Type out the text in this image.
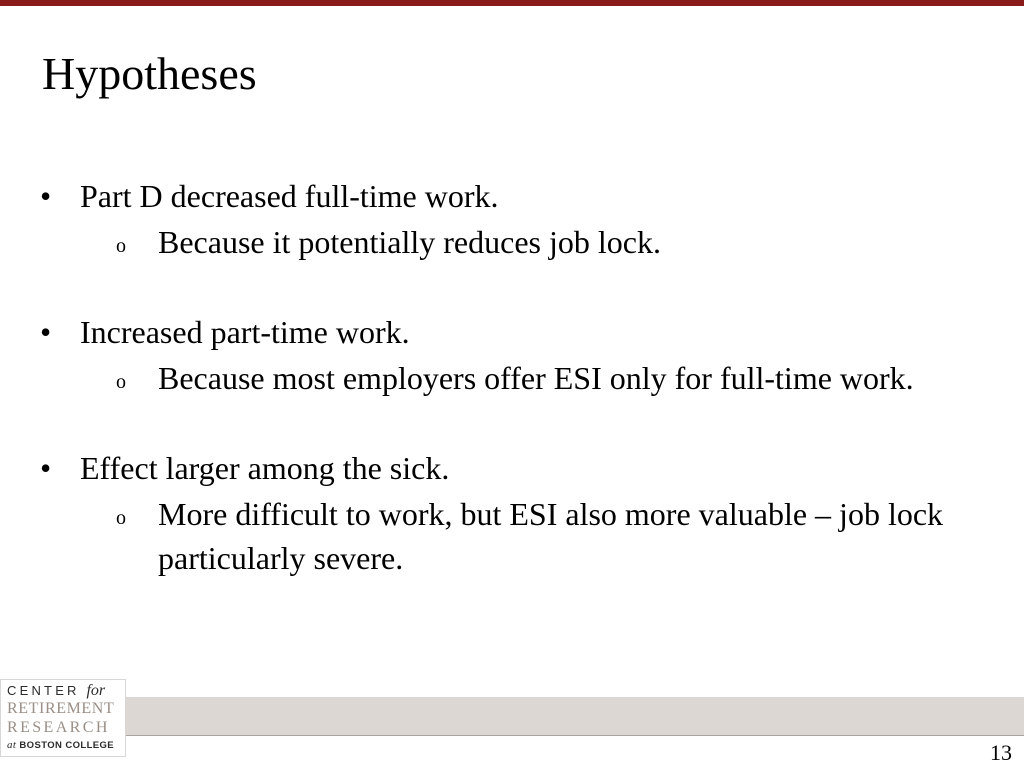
Hypotheses
• Part D decreased full-time work.
o Because it potentially reduces job lock.
• Increased part-time work.
o Because most employers offer ESI only for full-time work.
• Effect larger among the sick.
o More difficult to work, but ESI also more valuable – job lock particularly severe.
CENTER for
RETIREMENT
RESEARCH
at BOSTON COLLEGE	13
